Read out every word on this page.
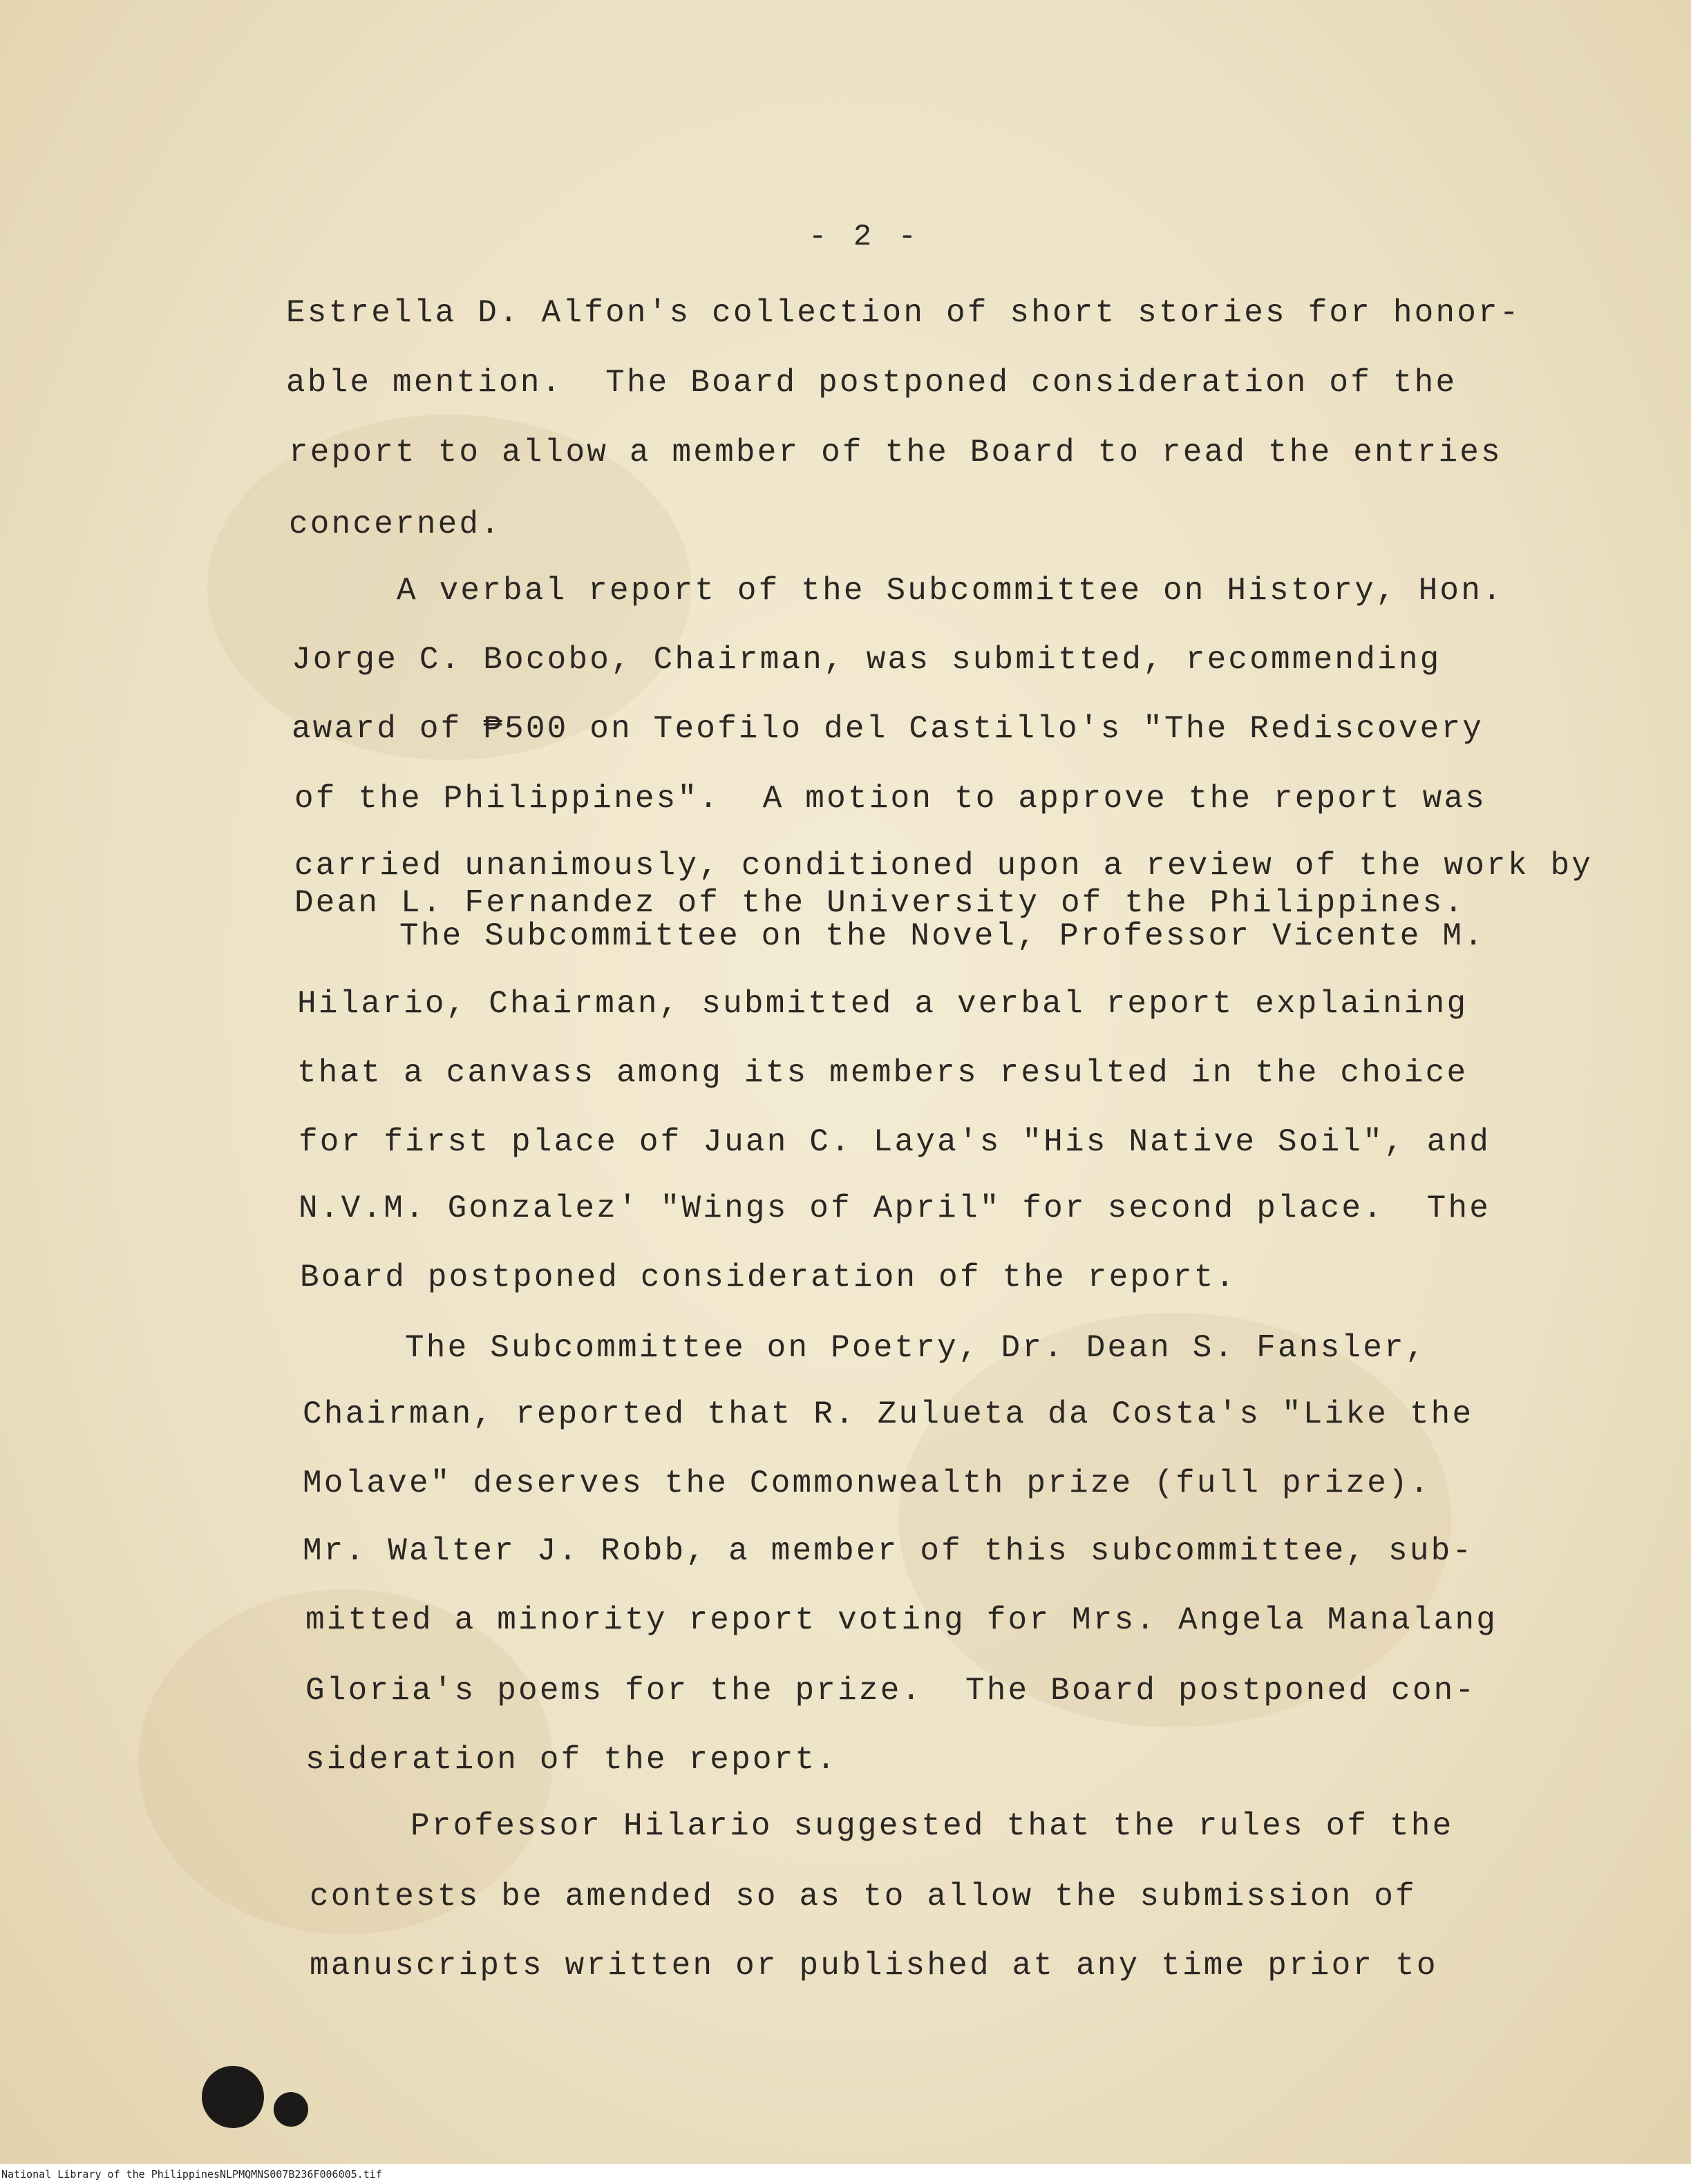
- 2 -
Estrella D. Alfon's collection of short stories for honor-
able mention.  The Board postponed consideration of the
report to allow a member of the Board to read the entries
concerned.
A verbal report of the Subcommittee on History, Hon.
Jorge C. Bocobo, Chairman, was submitted, recommending
award of ₱500 on Teofilo del Castillo's "The Rediscovery
of the Philippines".  A motion to approve the report was
carried unanimously, conditioned upon a review of the work by
Dean L. Fernandez of the University of the Philippines.
The Subcommittee on the Novel, Professor Vicente M.
Hilario, Chairman, submitted a verbal report explaining
that a canvass among its members resulted in the choice
for first place of Juan C. Laya's "His Native Soil", and
N.V.M. Gonzalez' "Wings of April" for second place.  The
Board postponed consideration of the report.
The Subcommittee on Poetry, Dr. Dean S. Fansler,
Chairman, reported that R. Zulueta da Costa's "Like the
Molave" deserves the Commonwealth prize (full prize).
Mr. Walter J. Robb, a member of this subcommittee, sub-
mitted a minority report voting for Mrs. Angela Manalang
Gloria's poems for the prize.  The Board postponed con-
sideration of the report.
Professor Hilario suggested that the rules of the
contests be amended so as to allow the submission of
manuscripts written or published at any time prior to
National Library of the Philippines NLPMQMNS007B236F006005.tif
